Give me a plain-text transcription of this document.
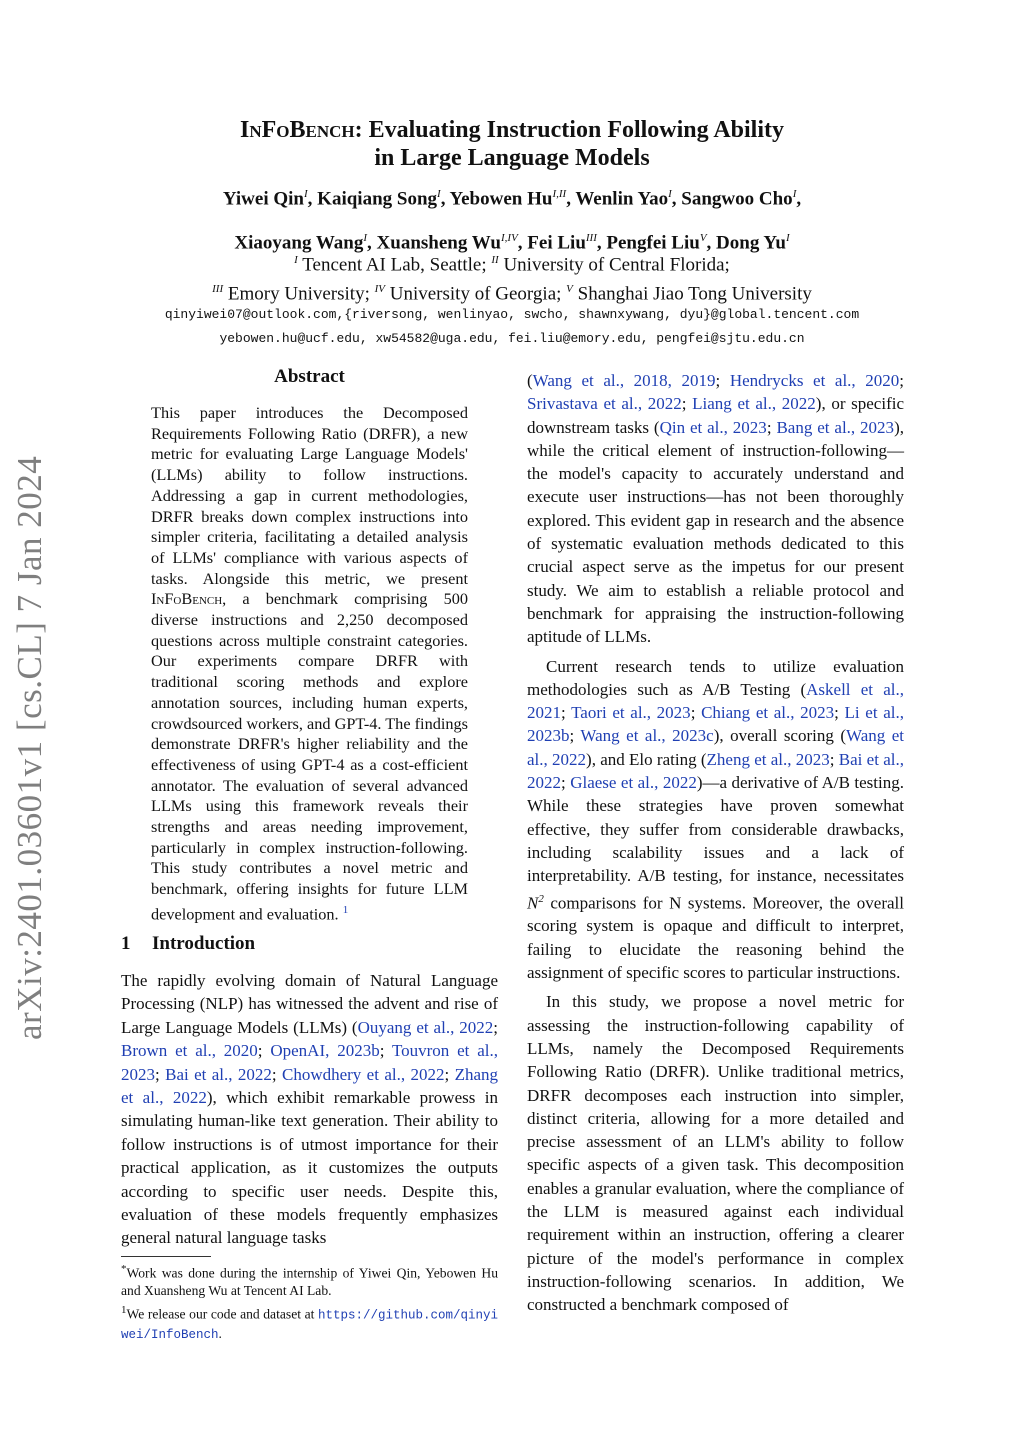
arXiv:2401.03601v1 [cs.CL] 7 Jan 2024
InFoBench: Evaluating Instruction Following Ability
in Large Language Models
Yiwei Qin$^I$, Kaiqiang Song$^I$, Yebowen $Hu^{I,II}$, Wenlin Yao$^I$, Sangwoo Cho$^I$,
Xiaoyang Wang$^I$, Xuansheng $Wu^{I,IV}$, Fei Liu$^{III}$, Pengfei Liu$^V$, Dong $Yu^I$
$^I$ Tencent AI Lab, Seattle; $^{II}$ University of Central Florida;
$^{III}$ Emory University; $^{IV}$ University of Georgia; $^V$ Shanghai Jiao Tong University
qinyiwei07@outlook.com,{riversong, wenlinyao, swcho, shawnxywang, dyu}@global.tencent.com
yebowen.hu@ucf.edu, xw54582@uga.edu, fei.liu@emory.edu, pengfei@sjtu.edu.cn
Abstract
This paper introduces the Decomposed Requirements Following Ratio (DRFR), a new metric for evaluating Large Language Models' (LLMs) ability to follow instructions. Addressing a gap in current methodologies, DRFR breaks down complex instructions into simpler criteria, facilitating a detailed analysis of LLMs' compliance with various aspects of tasks. Alongside this metric, we present InFoBench, a benchmark comprising 500 diverse instructions and 2,250 decomposed questions across multiple constraint categories. Our experiments compare DRFR with traditional scoring methods and explore annotation sources, including human experts, crowdsourced workers, and GPT-4. The findings demonstrate DRFR's higher reliability and the effectiveness of using GPT-4 as a cost-efficient annotator. The evaluation of several advanced LLMs using this framework reveals their strengths and areas needing improvement, particularly in complex instruction-following. This study contributes a novel metric and benchmark, offering insights for future LLM development and evaluation. $^1$
1 Introduction
The rapidly evolving domain of Natural Language Processing (NLP) has witnessed the advent and rise of Large Language Models (LLMs) (Ouyang et al., 2022; Brown et al., 2020; OpenAI, 2023b; Touvron et al., 2023; Bai et al., 2022; Chowdhery et al., 2022; Zhang et al., 2022), which exhibit remarkable prowess in simulating human-like text generation. Their ability to follow instructions is of utmost importance for their practical application, as it customizes the outputs according to specific user needs. Despite this, evaluation of these models frequently emphasizes general natural language tasks

*Work was done during the internship of Yiwei Qin, Yebowen Hu and Xuansheng Wu at Tencent AI Lab.

$^1$We release our code and dataset at https://github.com/qinyiwei/InfoBench.

(Wang et al., 2018, 2019; Hendrycks et al., 2020; Srivastava et al., 2022; Liang et al., 2022), or specific downstream tasks (Qin et al., 2023; Bang et al., 2023), while the critical element of instruction-following—the model's capacity to accurately understand and execute user instructions—has not been thoroughly explored. This evident gap in research and the absence of systematic evaluation methods dedicated to this crucial aspect serve as the impetus for our present study. We aim to establish a reliable protocol and benchmark for appraising the instruction-following aptitude of LLMs.

Current research tends to utilize evaluation methodologies such as A/B Testing (Askell et al., 2021; Taori et al., 2023; Chiang et al., 2023; Li et al., 2023b; Wang et al., 2023c), overall scoring (Wang et al., 2022), and Elo rating (Zheng et al., 2023; Bai et al., 2022; Glaese et al., 2022)—a derivative of A/B testing. While these strategies have proven somewhat effective, they suffer from considerable drawbacks, including scalability issues and a lack of interpretability. A/B testing, for instance, necessitates $N^2$ comparisons for N systems. Moreover, the overall scoring system is opaque and difficult to interpret, failing to elucidate the reasoning behind the assignment of specific scores to particular instructions.

In this study, we propose a novel metric for assessing the instruction-following capability of LLMs, namely the Decomposed Requirements Following Ratio (DRFR). Unlike traditional metrics, DRFR decomposes each instruction into simpler, distinct criteria, allowing for a more detailed and precise assessment of an LLM's ability to follow specific aspects of a given task. This decomposition enables a granular evaluation, where the compliance of the LLM is measured against each individual requirement within an instruction, offering a clearer picture of the model's performance in complex instruction-following scenarios. In addition, We constructed a benchmark composed of
